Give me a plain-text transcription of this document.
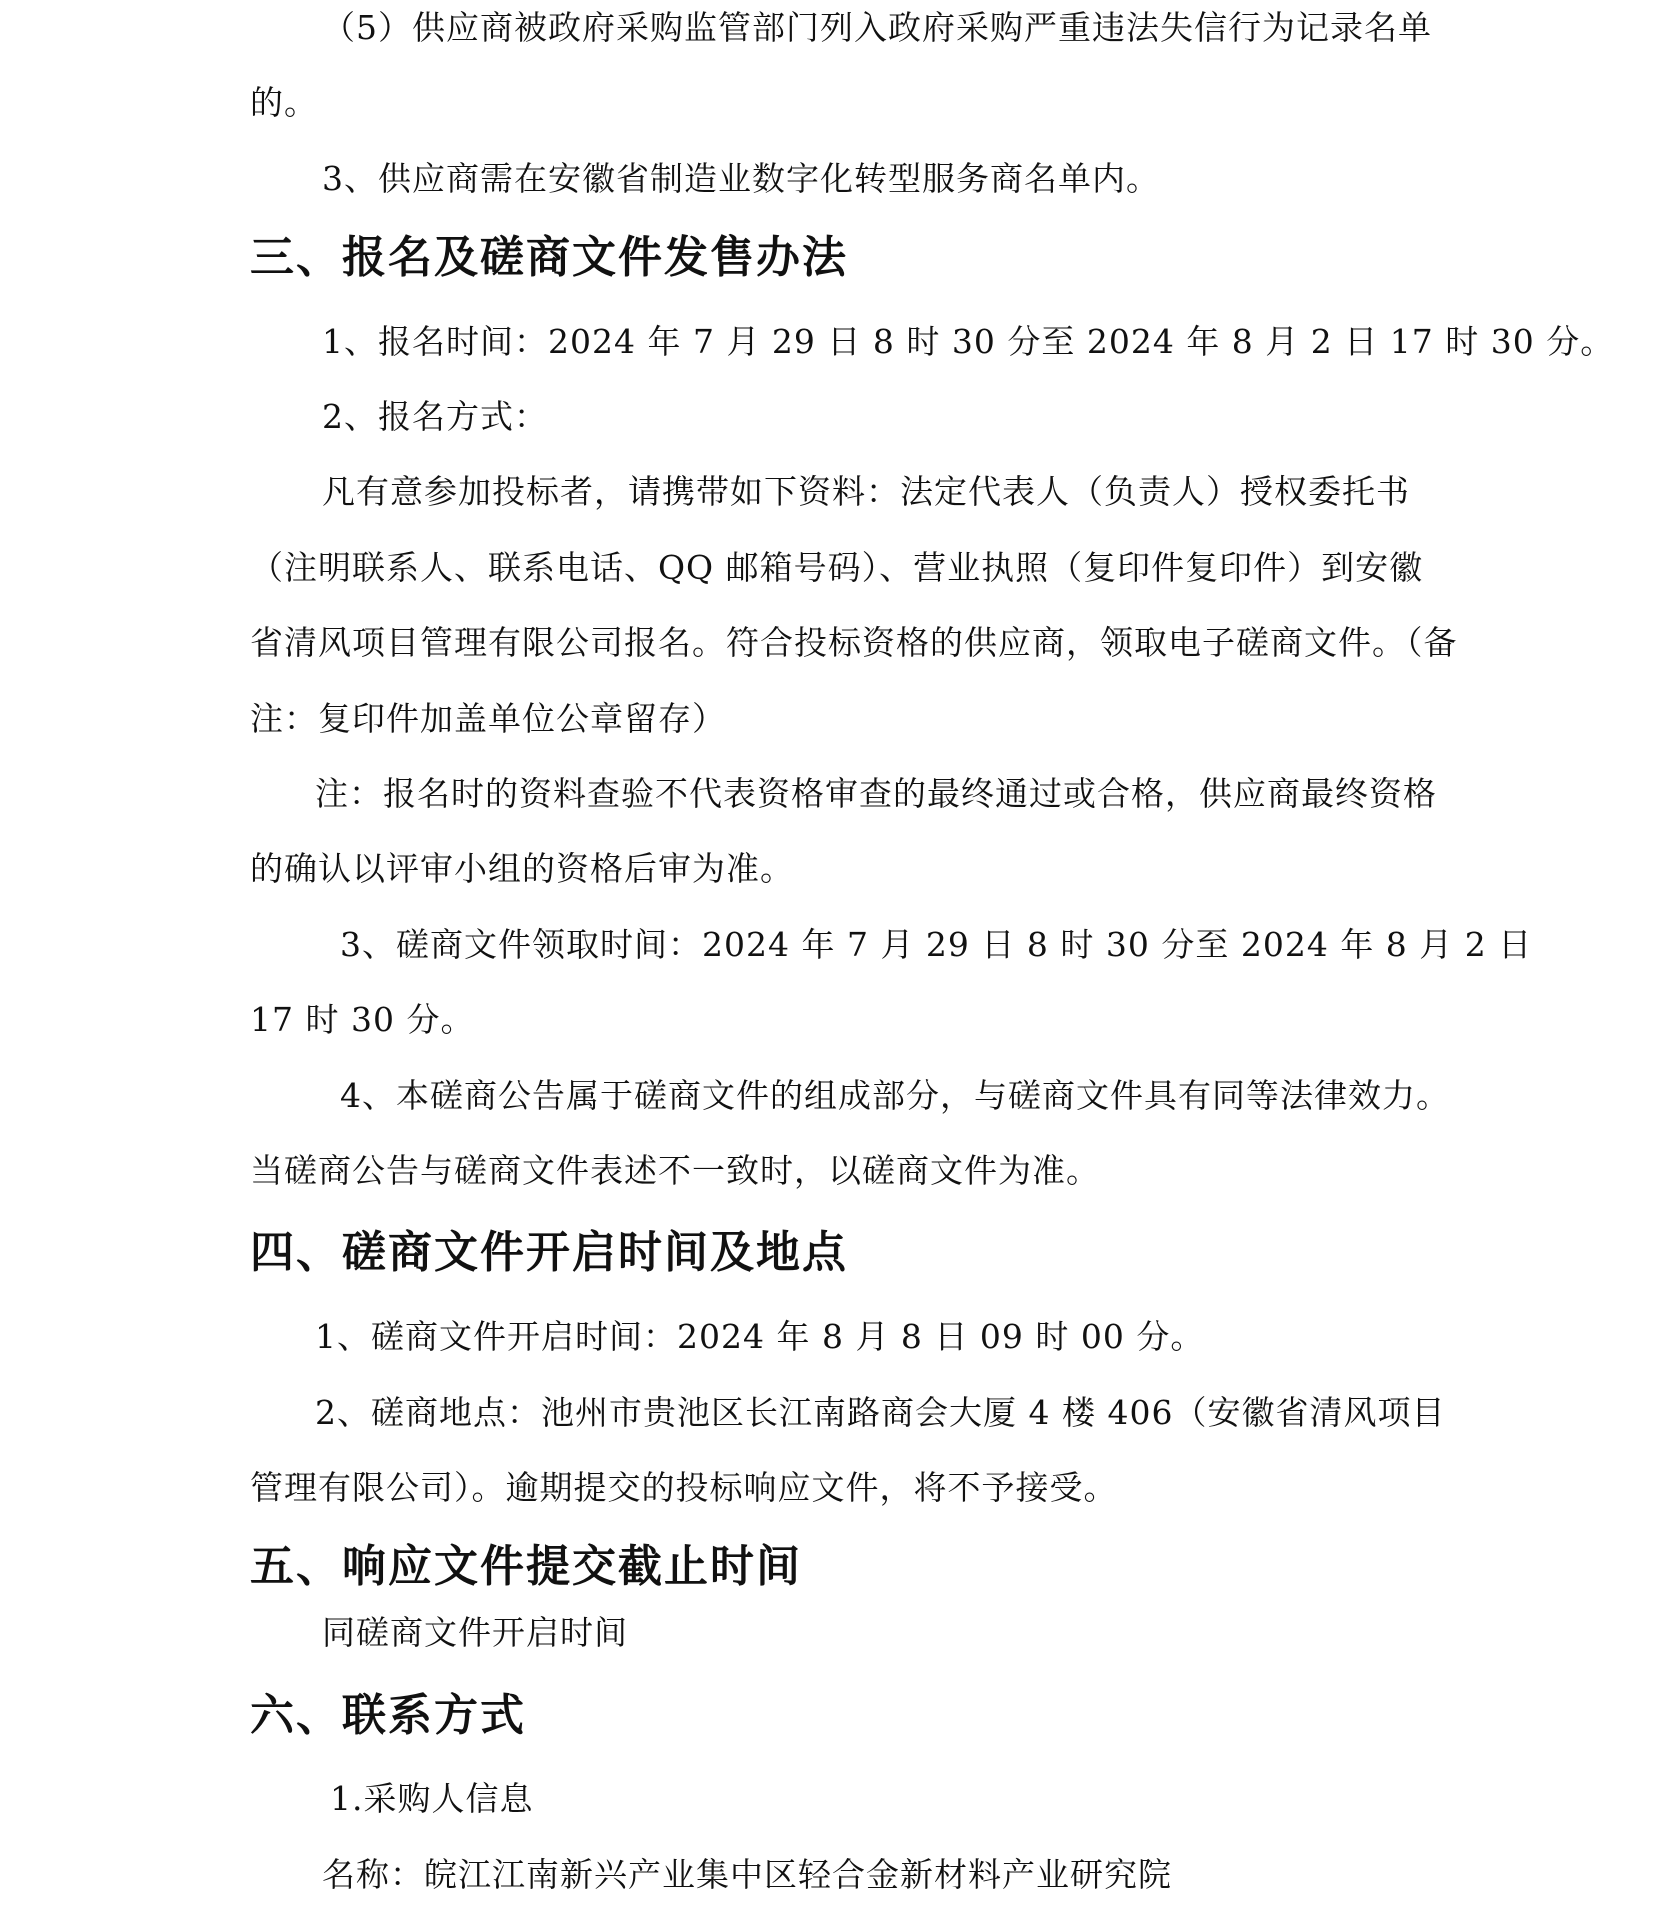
（5）供应商被政府采购监管部门列入政府采购严重违法失信行为记录名单
的。
3、供应商需在安徽省制造业数字化转型服务商名单内。
三、报名及磋商文件发售办法
1、报名时间：2024 年 7 月 29 日 8 时 30 分至 2024 年 8 月 2 日 17 时 30 分。
2、报名方式：
凡有意参加投标者，请携带如下资料：法定代表人（负责人）授权委托书
（注明联系人、联系电话、QQ 邮箱号码）、营业执照（复印件复印件）到安徽
省清风项目管理有限公司报名。符合投标资格的供应商，领取电子磋商文件。（备
注：复印件加盖单位公章留存）
注：报名时的资料查验不代表资格审查的最终通过或合格，供应商最终资格
的确认以评审小组的资格后审为准。
3、磋商文件领取时间：2024 年 7 月 29 日 8 时 30 分至 2024 年 8 月 2 日
17 时 30 分。
4、本磋商公告属于磋商文件的组成部分，与磋商文件具有同等法律效力。
当磋商公告与磋商文件表述不一致时，以磋商文件为准。
四、磋商文件开启时间及地点
1、磋商文件开启时间：2024 年 8 月 8 日 09 时 00 分。
2、磋商地点：池州市贵池区长江南路商会大厦 4 楼 406（安徽省清风项目
管理有限公司）。逾期提交的投标响应文件，将不予接受。
五、响应文件提交截止时间
同磋商文件开启时间
六、联系方式
1.采购人信息
名称：皖江江南新兴产业集中区轻合金新材料产业研究院
